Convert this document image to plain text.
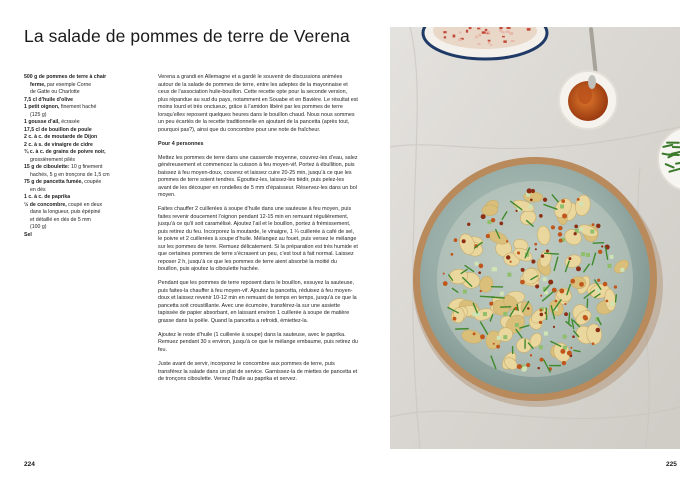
La salade de pommes de terre de Verena

500 g de pommes de terre à chair

ferme, par exemple Corne

de Gatte ou Charlotte

7,5 cl d’huile d’olive

1 petit oignon, finement haché

(125 g)

1 gousse d’ail, écrasée

17,5 cl de bouillon de poule

2 c. à c. de moutarde de Dijon

2 c. à s. de vinaigre de cidre

¾ c. à c. de grains de poivre noir,

grossièrement pilés

15 g de ciboulette: 10 g finement

hachés, 5 g en tronçons de 1,5 cm

75 g de pancetta fumée, coupée

en dés

1 c. à c. de paprika

½ de concombre, coupé en deux

dans la longueur, puis épépiné

et détaillé en dés de 5 mm

(100 g)

Sel

Verena a grandi en Allemagne et a gardé le souvenir de discussions animées autour de la salade de pommes de terre, entre les adeptes de la mayonnaise et ceux de l’association huile-bouillon. Cette recette opte pour la seconde version, plus répandue au sud du pays, notamment en Souabe et en Bavière. Le résultat est moins lourd et très onctueux, grâce à l’amidon libéré par les pommes de terre lorsqu’elles reposent quelques heures dans le bouillon chaud. Nous nous sommes un peu écartés de la recette traditionnelle en ajoutant de la pancetta (après tout, pourquoi pas?), ainsi que du concombre pour une note de fraîcheur.

Pour 4 personnes

Mettez les pommes de terre dans une casserole moyenne, couvrez-les d’eau, salez généreusement et commencez la cuisson à feu moyen-vif. Portez à ébullition, puis baissez à feu moyen-doux, couvrez et laissez cuire 20-25 min, jusqu’à ce que les pommes de terre soient tendres. Égouttez-les, laissez-les tiédir, puis pelez-les avant de les découper en rondelles de 5 mm d’épaisseur. Réservez-les dans un bol moyen.

Faites chauffer 2 cuillerées à soupe d’huile dans une sauteuse à feu moyen, puis faites revenir doucement l’oignon pendant 12-15 min en remuant régulièrement, jusqu’à ce qu’il soit caramélisé. Ajoutez l’ail et le bouillon, portez à frémissement, puis retirez du feu. Incorporez la moutarde, le vinaigre, 1 ¼ cuillerée à café de sel, le poivre et 2 cuillerées à soupe d’huile. Mélangez au fouet, puis versez le mélange sur les pommes de terre. Remuez délicatement. Si la préparation est très humide et que certaines pommes de terre s’écrasent un peu, c’est tout à fait normal. Laissez reposer 2 h, jusqu’à ce que les pommes de terre aient absorbé la moitié du bouillon, puis ajoutez la ciboulette hachée.

Pendant que les pommes de terre reposent dans le bouillon, essuyez la sauteuse, puis faites-la chauffer à feu moyen-vif. Ajoutez la pancetta, réduisez à feu moyen-doux et laissez revenir 10-12 min en remuant de temps en temps, jusqu’à ce que la pancetta soit croustillante. Avec une écumoire, transférez-la sur une assiette tapissée de papier absorbant, en laissant environ 1 cuillerée à soupe de matière grasse dans la poêle. Quand la pancetta a refroidi, émiettez-la.

Ajoutez le reste d’huile (1 cuillerée à soupe) dans la sauteuse, avec le paprika. Remuez pendant 30 s environ, jusqu’à ce que le mélange embaume, puis retirez du feu.

Juste avant de servir, incorporez le concombre aux pommes de terre, puis transférez la salade dans un plat de service. Garnissez-la de miettes de pancetta et de tronçons ciboulette. Versez l’huile au paprika et servez.

224	225
